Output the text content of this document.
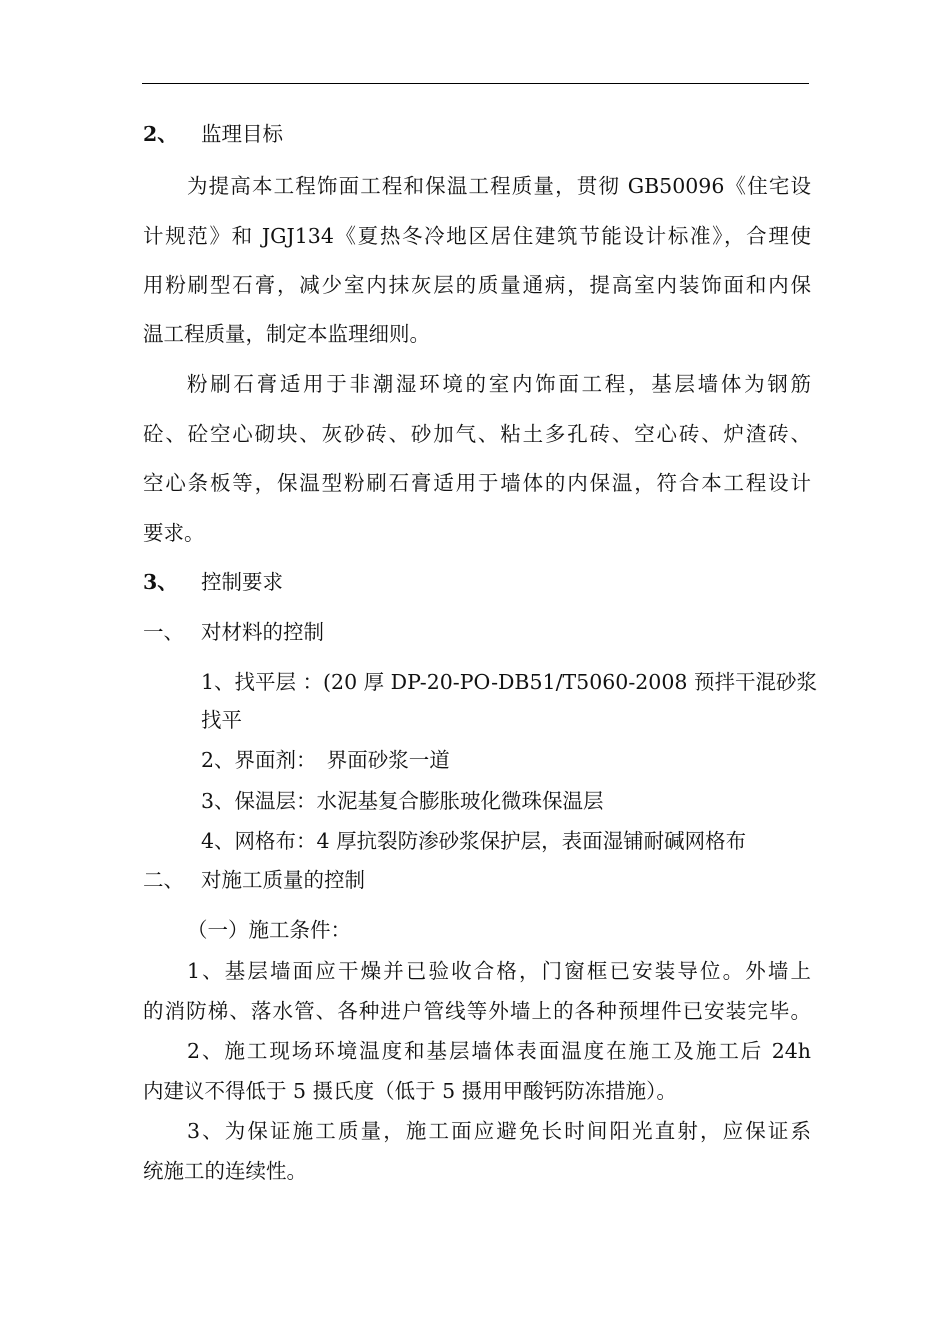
2、 监理目标
为提高本工程饰面工程和保温工程质量，贯彻 GB50096《住宅设
计规范》和 JGJ134《夏热冬冷地区居住建筑节能设计标准》，合理使
用粉刷型石膏，减少室内抹灰层的质量通病，提高室内装饰面和内保
温工程质量，制定本监理细则。
粉刷石膏适用于非潮湿环境的室内饰面工程，基层墙体为钢筋
砼、砼空心砌块、灰砂砖、砂加气、粘土多孔砖、空心砖、炉渣砖、
空心条板等，保温型粉刷石膏适用于墙体的内保温，符合本工程设计
要求。
3、 控制要求
一、 对材料的控制
1、找平层 ：(20 厚 DP-20-PO-DB51/T5060-2008 预拌干混砂浆
找平
2、界面剂：　界面砂浆一道
3、保温层：水泥基复合膨胀玻化微珠保温层
4、网格布：4 厚抗裂防渗砂浆保护层，表面湿铺耐碱网格布
二、 对施工质量的控制
（一）施工条件：
1、基层墙面应干燥并已验收合格，门窗框已安装导位。外墙上
的消防梯、落水管、各种进户管线等外墙上的各种预埋件已安装完毕。
2、施工现场环境温度和基层墙体表面温度在施工及施工后 24h
内建议不得低于 5 摄氏度（低于 5 摄用甲酸钙防冻措施）。
3、为保证施工质量，施工面应避免长时间阳光直射，应保证系
统施工的连续性。
